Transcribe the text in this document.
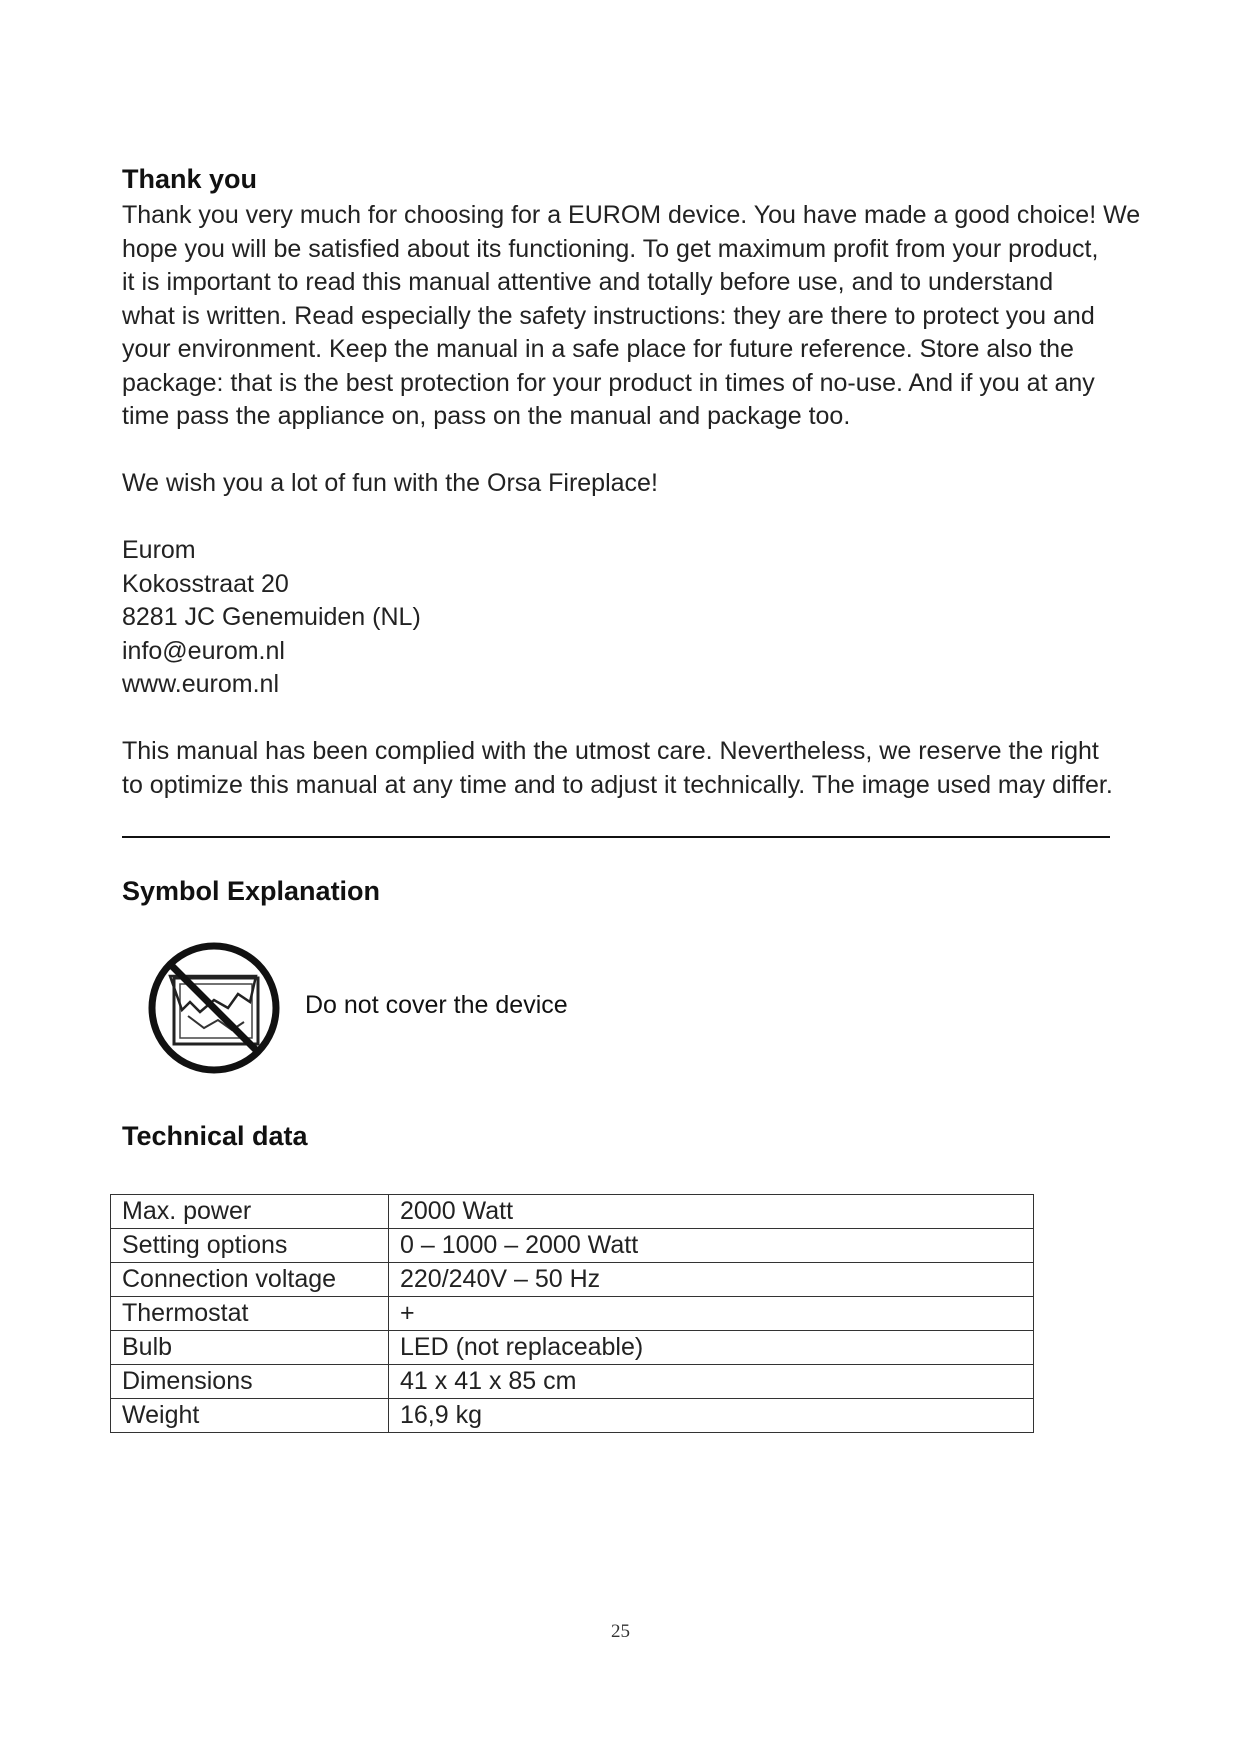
Thank you

Thank you very much for choosing for a EUROM device. You have made a good choice! We

hope you will be satisfied about its functioning. To get maximum profit from your product,

it is important to read this manual attentive and totally before use, and to understand

what is written. Read especially the safety instructions: they are there to protect you and

your environment. Keep the manual in a safe place for future reference. Store also the

package: that is the best protection for your product in times of no-use. And if you at any

time pass the appliance on, pass on the manual and package too.

We wish you a lot of fun with the Orsa Fireplace!

Eurom

Kokosstraat 20

8281 JC Genemuiden (NL)

info@eurom.nl

www.eurom.nl

This manual has been complied with the utmost care. Nevertheless, we reserve the right

to optimize this manual at any time and to adjust it technically. The image used may differ.

Symbol Explanation
Do not cover the device
Technical data
Max. power	2000 Watt
Setting options	0 – 1000 – 2000 Watt
Connection voltage	220/240V – 50 Hz
Thermostat	+
Bulb	LED (not replaceable)
Dimensions	41 x 41 x 85 cm
Weight	16,9 kg
25
